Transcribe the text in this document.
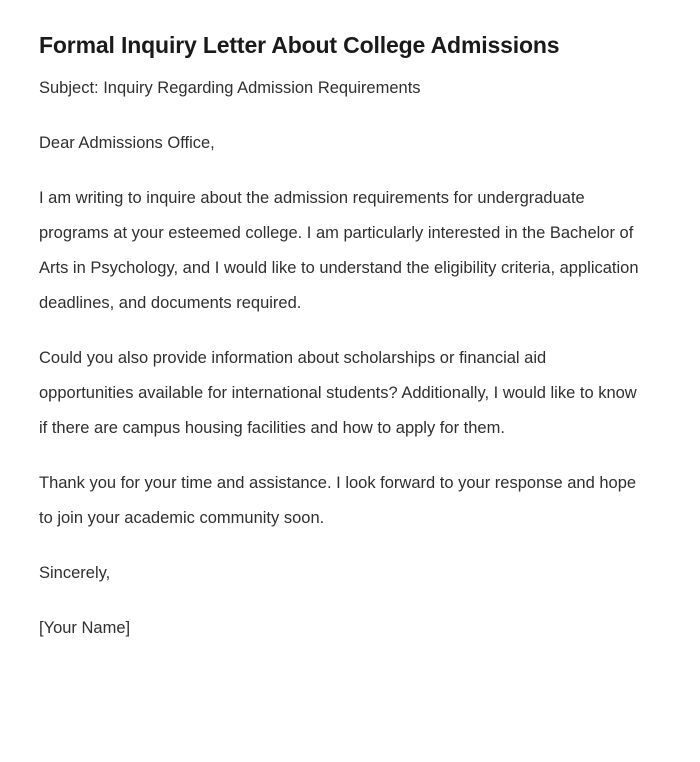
Formal Inquiry Letter About College Admissions

Subject: Inquiry Regarding Admission Requirements

Dear Admissions Office,

I am writing to inquire about the admission requirements for undergraduate programs at your esteemed college. I am particularly interested in the Bachelor of Arts in Psychology, and I would like to understand the eligibility criteria, application deadlines, and documents required.

Could you also provide information about scholarships or financial aid opportunities available for international students? Additionally, I would like to know if there are campus housing facilities and how to apply for them.

Thank you for your time and assistance. I look forward to your response and hope to join your academic community soon.

Sincerely,

[Your Name]
